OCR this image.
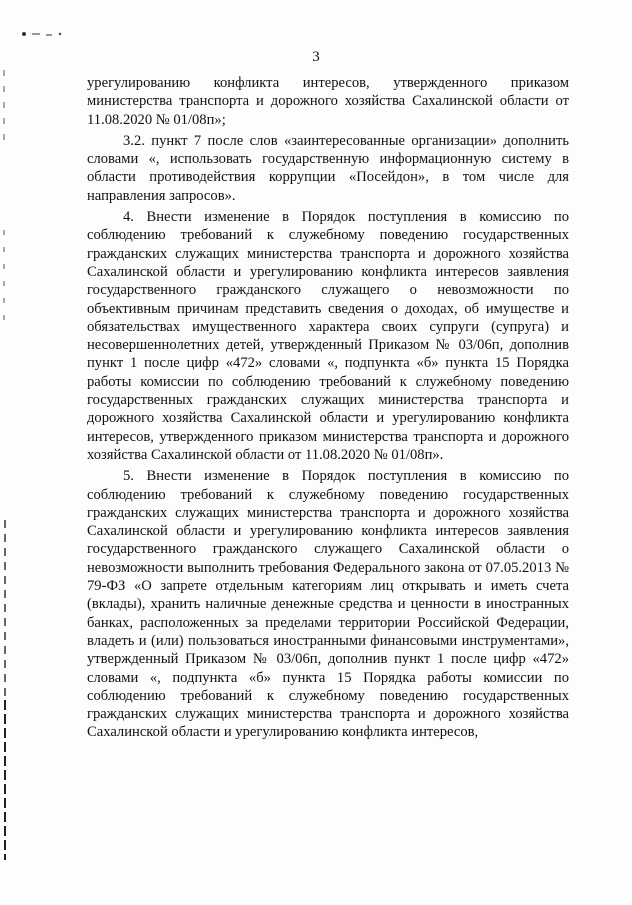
3

урегулированию конфликта интересов, утвержденного приказом министерства транспорта и дорожного хозяйства Сахалинской области от 11.08.2020 № 01/08п»;

3.2. пункт 7 после слов «заинтересованные организации» дополнить словами «, использовать государственную информационную систему в области противодействия коррупции «Посейдон», в том числе для направления запросов».

4. Внести изменение в Порядок поступления в комиссию по соблюдению требований к служебному поведению государственных гражданских служащих министерства транспорта и дорожного хозяйства Сахалинской области и урегулированию конфликта интересов заявления государственного гражданского служащего о невозможности по объективным причинам представить сведения о доходах, об имуществе и обязательствах имущественного характера своих супруги (супруга) и несовершеннолетних детей, утвержденный Приказом № 03/06п, дополнив пункт 1 после цифр «472» словами «, подпункта «б» пункта 15 Порядка работы комиссии по соблюдению требований к служебному поведению государственных гражданских служащих министерства транспорта и дорожного хозяйства Сахалинской области и урегулированию конфликта интересов, утвержденного приказом министерства транспорта и дорожного хозяйства Сахалинской области от 11.08.2020 № 01/08п».

5. Внести изменение в Порядок поступления в комиссию по соблюдению требований к служебному поведению государственных гражданских служащих министерства транспорта и дорожного хозяйства Сахалинской области и урегулированию конфликта интересов заявления государственного гражданского служащего Сахалинской области о невозможности выполнить требования Федерального закона от 07.05.2013 № 79-ФЗ «О запрете отдельным категориям лиц открывать и иметь счета (вклады), хранить наличные денежные средства и ценности в иностранных банках, расположенных за пределами территории Российской Федерации, владеть и (или) пользоваться иностранными финансовыми инструментами», утвержденный Приказом № 03/06п, дополнив пункт 1 после цифр «472» словами «, подпункта «б» пункта 15 Порядка работы комиссии по соблюдению требований к служебному поведению государственных гражданских служащих министерства транспорта и дорожного хозяйства Сахалинской области и урегулированию конфликта интересов,
